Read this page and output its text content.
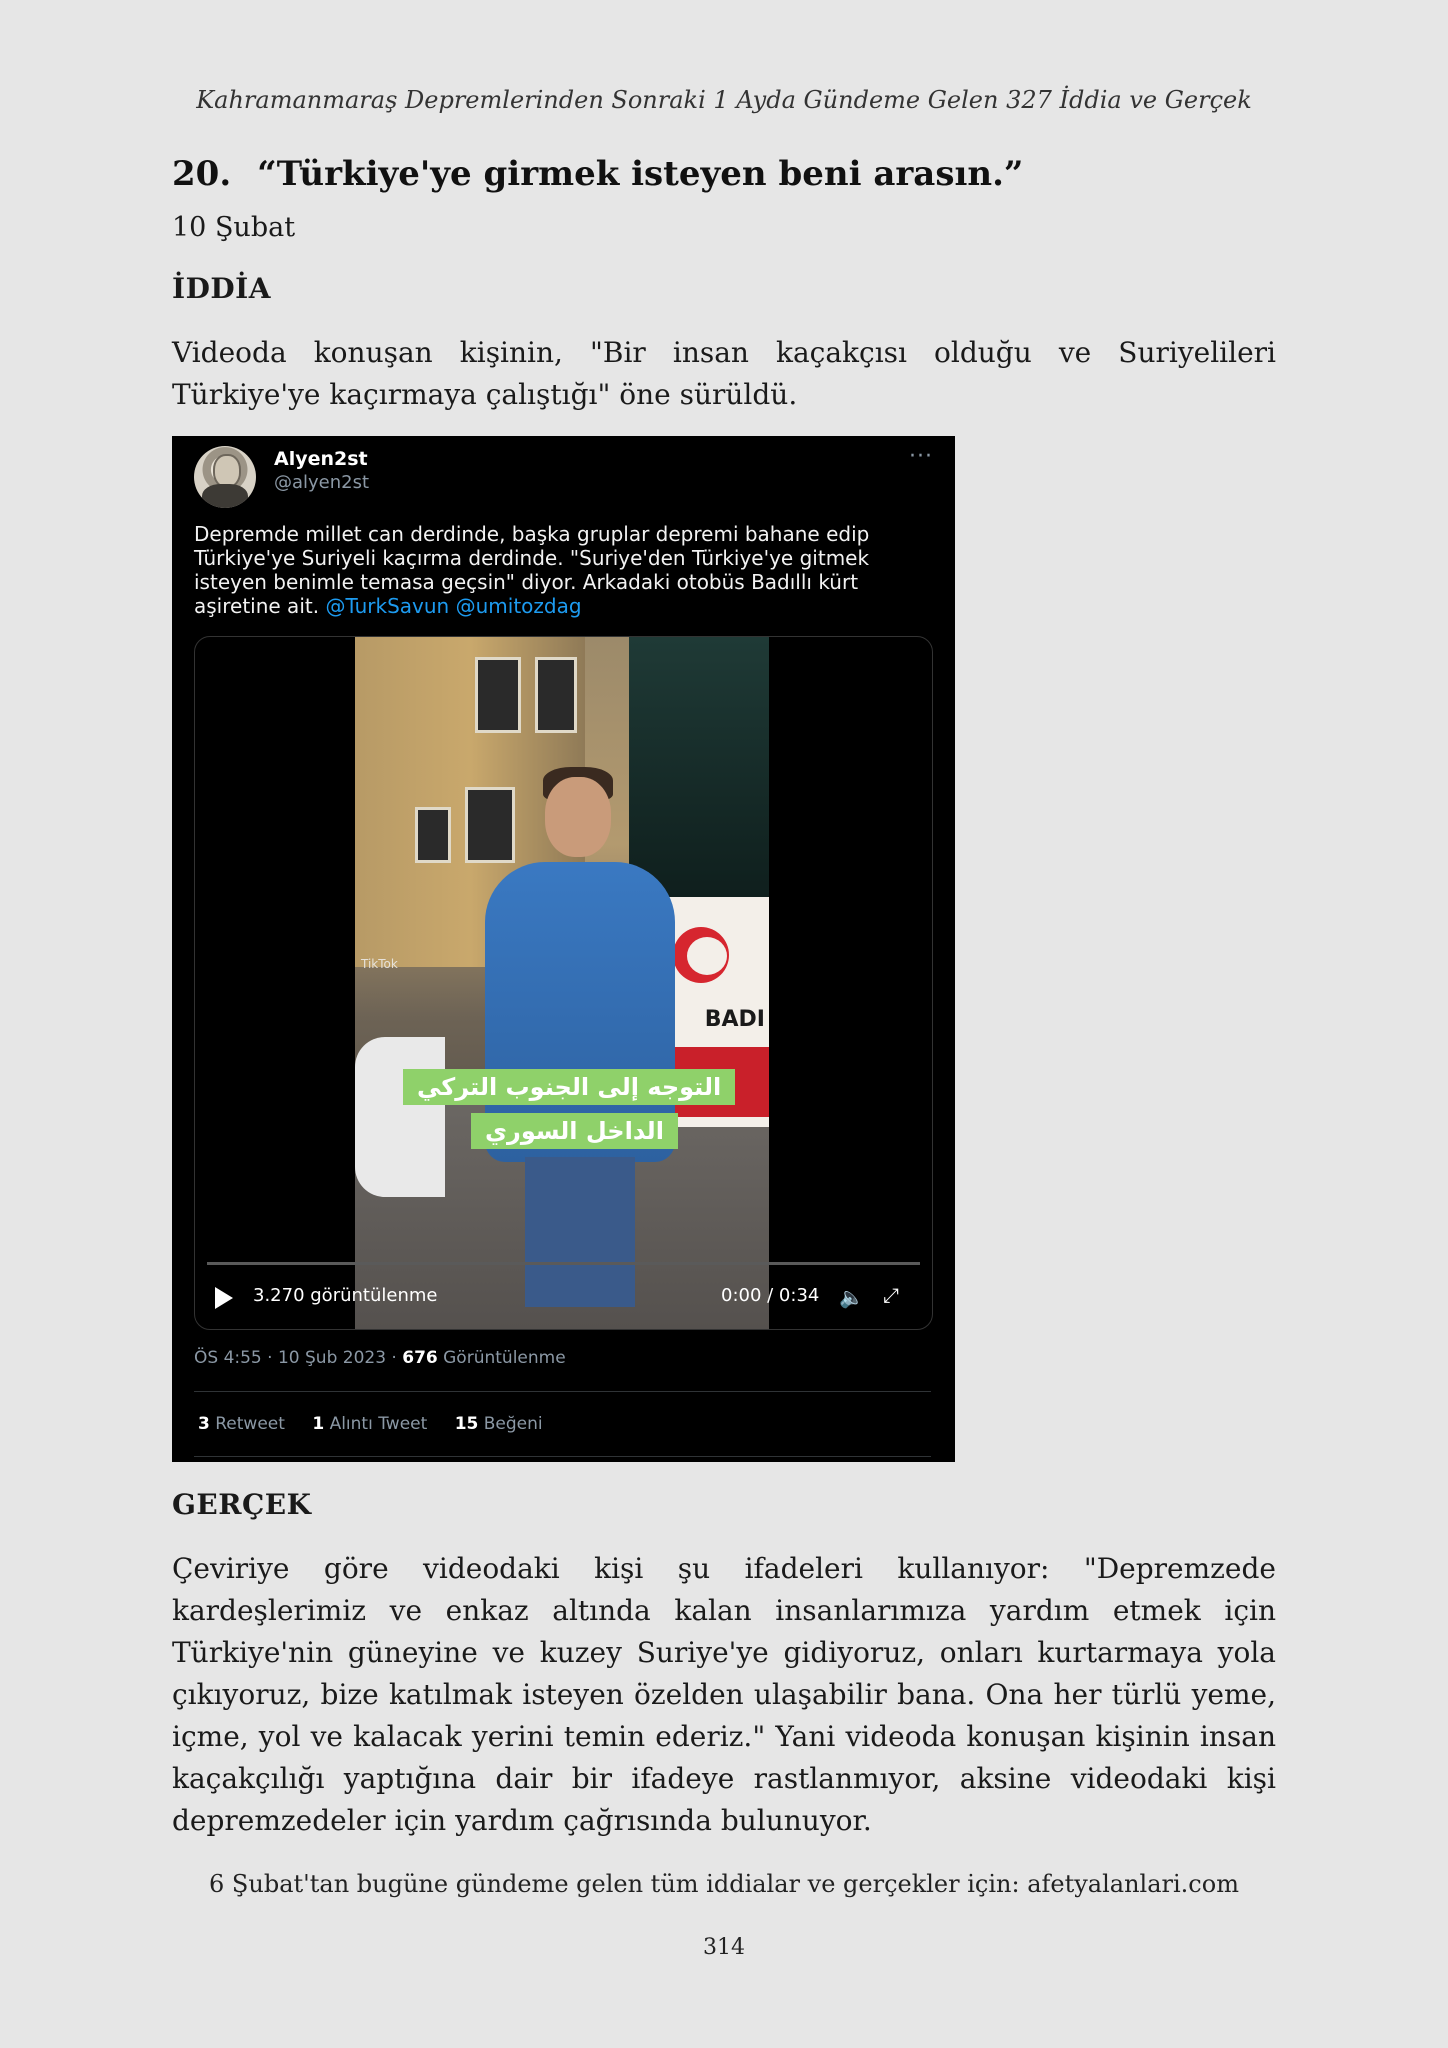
Kahramanmaraş Depremlerinden Sonraki 1 Ayda Gündeme Gelen 327 İddia ve Gerçek
20. “Türkiye'ye girmek isteyen beni arasın.”
10 Şubat
İDDİA
Videoda konuşan kişinin, "Bir insan kaçakçısı olduğu ve Suriyelileri Türkiye'ye kaçırmaya çalıştığı" öne sürüldü.
Alyen2st
@alyen2st
···
Depremde millet can derdinde, başka gruplar depremi bahane edip Türkiye'ye Suriyeli kaçırma derdinde. "Suriye'den Türkiye'ye gitmek isteyen benimle temasa geçsin" diyor. Arkadaki otobüs Badıllı kürt aşiretine ait. @TurkSavun @umitozdag
BADI
TikTok
التوجه إلى الجنوب التركي
الداخل السوري
3.270 görüntülenme	0:00 / 0:34 🔈 ⤢
ÖS 4:55 · 10 Şub 2023 · 676 Görüntülenme
3 Retweet 1 Alıntı Tweet 15 Beğeni
GERÇEK
Çeviriye göre videodaki kişi şu ifadeleri kullanıyor: "Depremzede kardeşlerimiz ve enkaz altında kalan insanlarımıza yardım etmek için Türkiye'nin güneyine ve kuzey Suriye'ye gidiyoruz, onları kurtarmaya yola çıkıyoruz, bize katılmak isteyen özelden ulaşabilir bana. Ona her türlü yeme, içme, yol ve kalacak yerini temin ederiz." Yani videoda konuşan kişinin insan kaçakçılığı yaptığına dair bir ifadeye rastlanmıyor, aksine videodaki kişi depremzedeler için yardım çağrısında bulunuyor.
6 Şubat'tan bugüne gündeme gelen tüm iddialar ve gerçekler için: afetyalanlari.com
314
